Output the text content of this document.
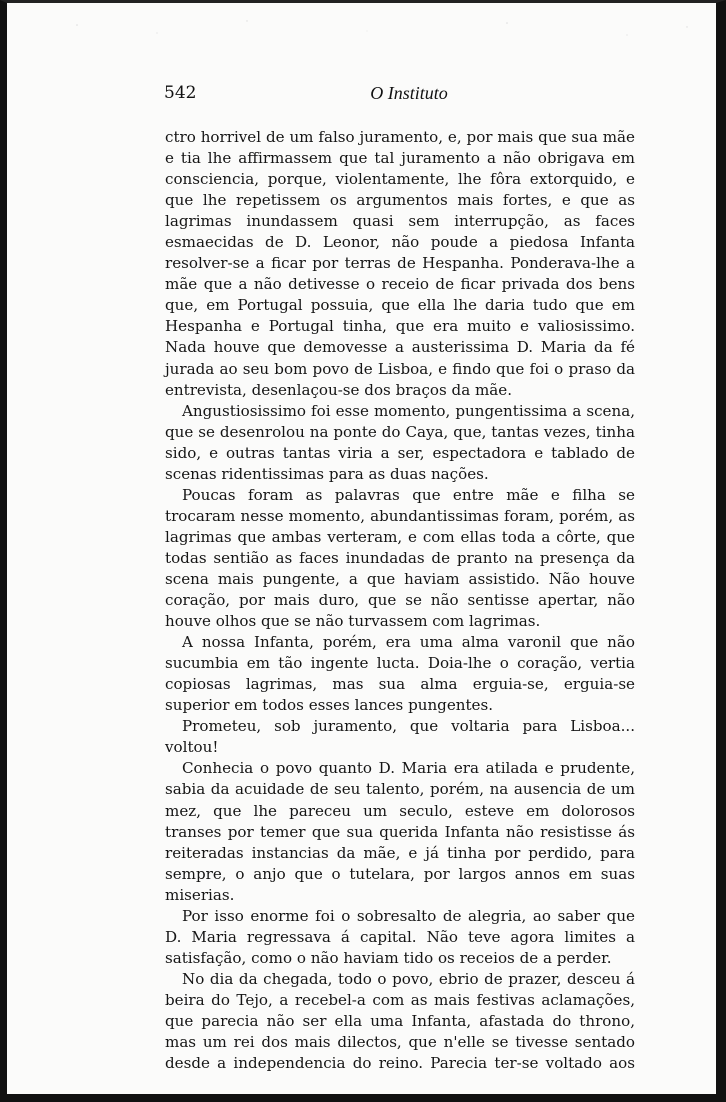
542	O Instituto

ctro horrivel de um falso juramento, e, por mais que sua mãe e tia lhe affirmassem que tal juramento a não obrigava em consciencia, porque, violentamente, lhe fôra extorquido, e que lhe repetissem os argumentos mais fortes, e que as lagrimas inundassem quasi sem interrupção, as faces esmaecidas de D. Leonor, não poude a piedosa Infanta resolver-se a ficar por terras de Hespanha. Ponderava-lhe a mãe que a não detivesse o receio de ficar privada dos bens que, em Portugal possuia, que ella lhe daria tudo que em Hespanha e Portugal tinha, que era muito e valiosissimo. Nada houve que demovesse a austerissima D. Maria da fé jurada ao seu bom povo de Lisboa, e findo que foi o praso da entrevista, desenlaçou-se dos braços da mãe.

Angustiosissimo foi esse momento, pungentissima a scena, que se desenrolou na ponte do Caya, que, tantas vezes, tinha sido, e outras tantas viria a ser, espectadora e tablado de scenas ridentissimas para as duas nações.

Poucas foram as palavras que entre mãe e filha se trocaram nesse momento, abundantissimas foram, porém, as lagrimas que ambas verteram, e com ellas toda a côrte, que todas sentião as faces inundadas de pranto na presença da scena mais pungente, a que haviam assistido. Não houve coração, por mais duro, que se não sentisse apertar, não houve olhos que se não turvassem com lagrimas.

A nossa Infanta, porém, era uma alma varonil que não sucumbia em tão ingente lucta. Doia-lhe o coração, vertia copiosas lagrimas, mas sua alma erguia-se, erguia-se superior em todos esses lances pungentes.

Prometeu, sob juramento, que voltaria para Lisboa... voltou!

Conhecia o povo quanto D. Maria era atilada e prudente, sabia da acuidade de seu talento, porém, na ausencia de um mez, que lhe pareceu um seculo, esteve em dolorosos transes por temer que sua querida Infanta não resistisse ás reiteradas instancias da mãe, e já tinha por perdido, para sempre, o anjo que o tutelara, por largos annos em suas miserias.

Por isso enorme foi o sobresalto de alegria, ao saber que D. Maria regressava á capital. Não teve agora limites a satisfação, como o não haviam tido os receios de a perder.

No dia da chegada, todo o povo, ebrio de prazer, desceu á beira do Tejo, a recebel-a com as mais festivas aclamações, que parecia não ser ella uma Infanta, afastada do throno, mas um rei dos mais dilectos, que n'elle se tivesse sentado desde a independencia do reino. Parecia ter-se voltado aos
